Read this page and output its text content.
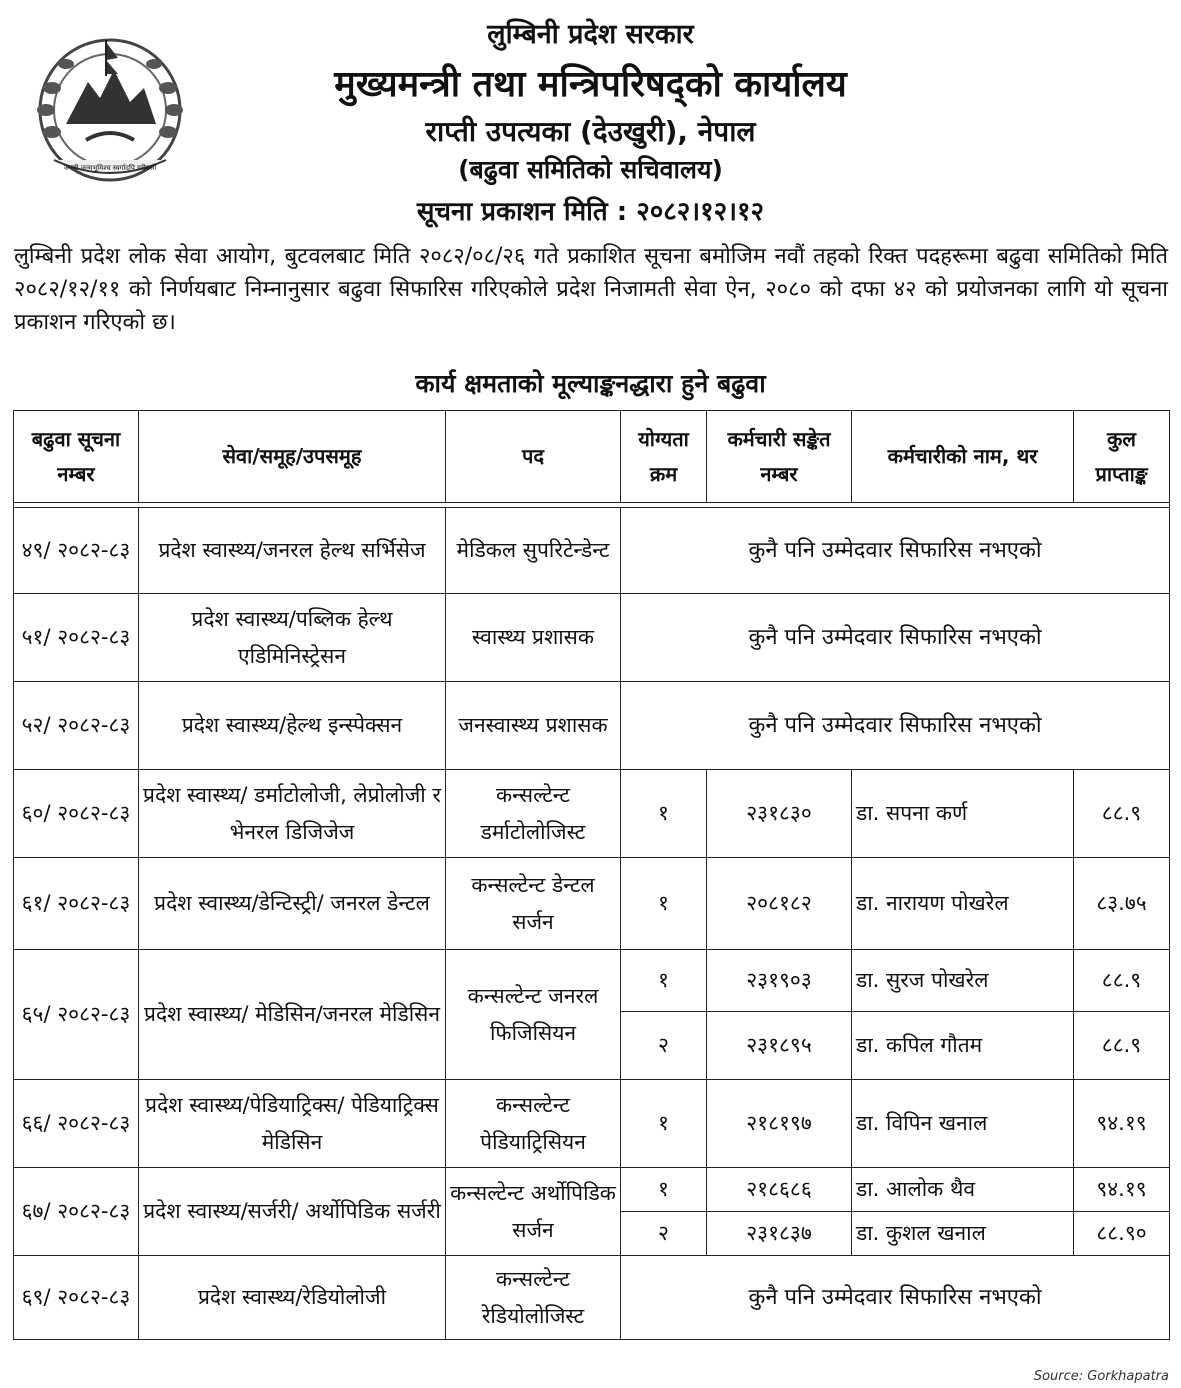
जननी जन्मभूमिश्च स्वर्गादपि गरीयसी
लुम्बिनी प्रदेश सरकार
मुख्यमन्त्री तथा मन्त्रिपरिषद्को कार्यालय
राप्ती उपत्यका (देउखुरी), नेपाल
(बढुवा समितिको सचिवालय)
सूचना प्रकाशन मिति : २०८२।१२।१२
लुम्बिनी प्रदेश लोक सेवा आयोग, बुटवलबाट मिति २०८२/०८/२६ गते प्रकाशित सूचना बमोजिम नवौं तहको रिक्त पदहरूमा बढुवा समितिको मिति २०८२/१२/११ को निर्णयबाट निम्नानुसार बढुवा सिफारिस गरिएकोले प्रदेश निजामती सेवा ऐन, २०८० को दफा ४२ को प्रयोजनका लागि यो सूचना प्रकाशन गरिएको छ।
कार्य क्षमताको मूल्याङ्कनद्धारा हुने बढुवा
बढुवा सूचना नम्बर	सेवा/समूह/उपसमूह	पद	योग्यता क्रम	कर्मचारी सङ्केत नम्बर	कर्मचारीको नाम, थर	कुल प्राप्ताङ्क

४९/ २०८२-८३	प्रदेश स्वास्थ्य/जनरल हेल्थ सर्भिसेज	मेडिकल सुपरिटेन्डेन्ट	कुनै पनि उम्मेदवार सिफारिस नभएको			
५१/ २०८२-८३	प्रदेश स्वास्थ्य/पब्लिक हेल्थ एडिमिनिस्ट्रेसन	स्वास्थ्य प्रशासक	कुनै पनि उम्मेदवार सिफारिस नभएको			
५२/ २०८२-८३	प्रदेश स्वास्थ्य/हेल्थ इन्स्पेक्सन	जनस्वास्थ्य प्रशासक	कुनै पनि उम्मेदवार सिफारिस नभएको			
६०/ २०८२-८३	प्रदेश स्वास्थ्य/ डर्माटोलोजी, लेप्रोलोजी र भेनरल डिजिजेज	कन्सल्टेन्ट डर्माटोलोजिस्ट	१	२३१८३०	डा. सपना कर्ण	८८.९
६१/ २०८२-८३	प्रदेश स्वास्थ्य/डेन्टिस्ट्री/ जनरल डेन्टल	कन्सल्टेन्ट डेन्टल सर्जन	१	२०८१८२	डा. नारायण पोखरेल	८३.७५
६५/ २०८२-८३	प्रदेश स्वास्थ्य/ मेडिसिन/जनरल मेडिसिन	कन्सल्टेन्ट जनरल फिजिसियन	१	२३१९०३	डा. सुरज पोखरेल	८८.९
			२	२३१८९५	डा. कपिल गौतम	८८.९
६६/ २०८२-८३	प्रदेश स्वास्थ्य/पेडियाट्रिक्स/ पेडियाट्रिक्स मेडिसिन	कन्सल्टेन्ट पेडियाट्रिसियन	१	२१८१९७	डा. विपिन खनाल	९४.१९
६७/ २०८२-८३	प्रदेश स्वास्थ्य/सर्जरी/ अर्थोपिडिक सर्जरी	कन्सल्टेन्ट अर्थोपिडिक सर्जन	१	२१८६८६	डा. आलोक थैव	९४.१९
			२	२३१८३७	डा. कुशल खनाल	८८.९०
६९/ २०८२-८३	प्रदेश स्वास्थ्य/रेडियोलोजी	कन्सल्टेन्ट रेडियोलोजिस्ट	कुनै पनि उम्मेदवार सिफारिस नभएको			
Source: Gorkhapatra
